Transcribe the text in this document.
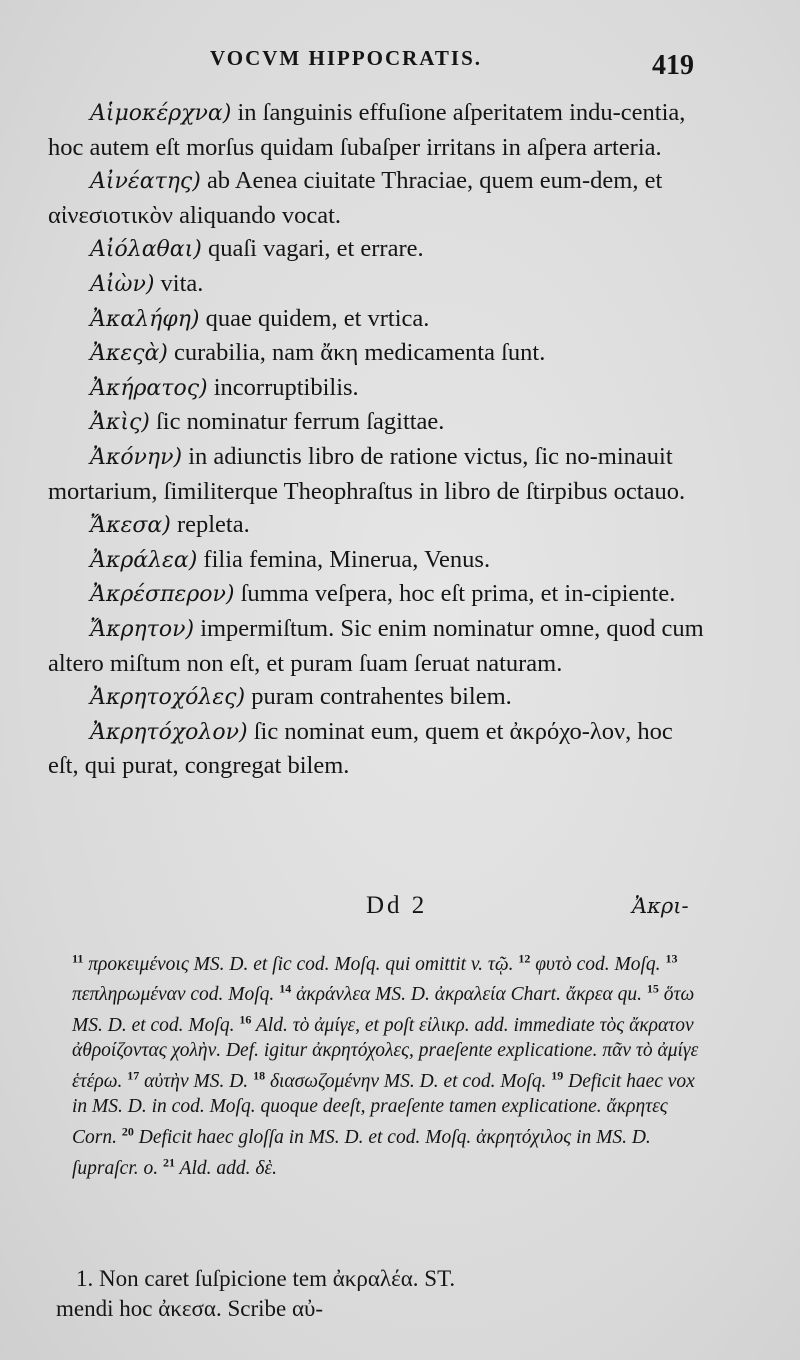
VOCVM HIPPOCRATIS.	419

Αἱμοκέρχνα) in ſanguinis effuſione aſperitatem indu-centia, hoc autem eſt morſus quidam ſubaſper irritans in aſpera arteria.

Αἰνέατης) ab Aenea ciuitate Thraciae, quem eum-dem, et αἰνεσιοτικὸν aliquando vocat.

Αἰόλαθαι) quaſi vagari, et errare.

Αἰὼν) vita.

Ἀκαλήφη) quae quidem, et vrtica.

Ἀκεςὰ) curabilia, nam ἄκη medicamenta ſunt.

Ἀκήρατος) incorruptibilis.

Ἀκὶς) ſic nominatur ferrum ſagittae.

Ἀκόνην) in adiunctis libro de ratione victus, ſic no-minauit mortarium, ſimiliterque Theophraſtus in libro de ſtirpibus octauo.

Ἄκεσα) repleta.

Ἀκράλεα) filia femina, Minerua, Venus.

Ἀκρέσπερον) ſumma veſpera, hoc eſt prima, et in-cipiente.

Ἄκρητον) impermiſtum. Sic enim nominatur omne, quod cum altero miſtum non eſt, et puram ſuam ſeruat naturam.

Ἀκρητοχόλες) puram contrahentes bilem.

Ἀκρητόχολον) ſic nominat eum, quem et ἀκρόχο-λον, hoc eſt, qui purat, congregat bilem.

Dd 2	Ἀκρι-
$^{11}$ προκειμένοις MS. D. et ſic cod. Moſq. qui omittit v. τῷ. $^{12}$ φυτὸ cod. Moſq. $^{13}$ πεπληρωμέναν cod. Moſq. $^{14}$ ἀκράνλεα MS. D. ἀκραλεία Chart. ἄκρεα qu. $^{15}$ ὅτω MS. D. et cod. Moſq. $^{16}$ Ald. τὸ ἀμίγε, et poſt εἰλικρ. add. immediate τὸς ἄκρατον ἀθροίζοντας χολὴν. Def. igitur ἀκρητόχολες, praeſente explicatione. πᾶν τὸ ἀμίγε ἑτέρω. $^{17}$ αὐτὴν MS. D. $^{18}$ διασωζομένην MS. D. et cod. Moſq. $^{19}$ Deficit haec vox in MS. D. in cod. Moſq. quoque deeſt, praeſente tamen explicatione. ἄκρητες Corn. $^{20}$ Deficit haec gloſſa in MS. D. et cod. Moſq. ἀκρητόχιλος in MS. D. ſupraſcr. o. $^{21}$ Ald. add. δὲ.

1. Non caret ſuſpicione tem ἀκραλέα. ST.

mendi hoc ἀκεσα. Scribe αὐ-
